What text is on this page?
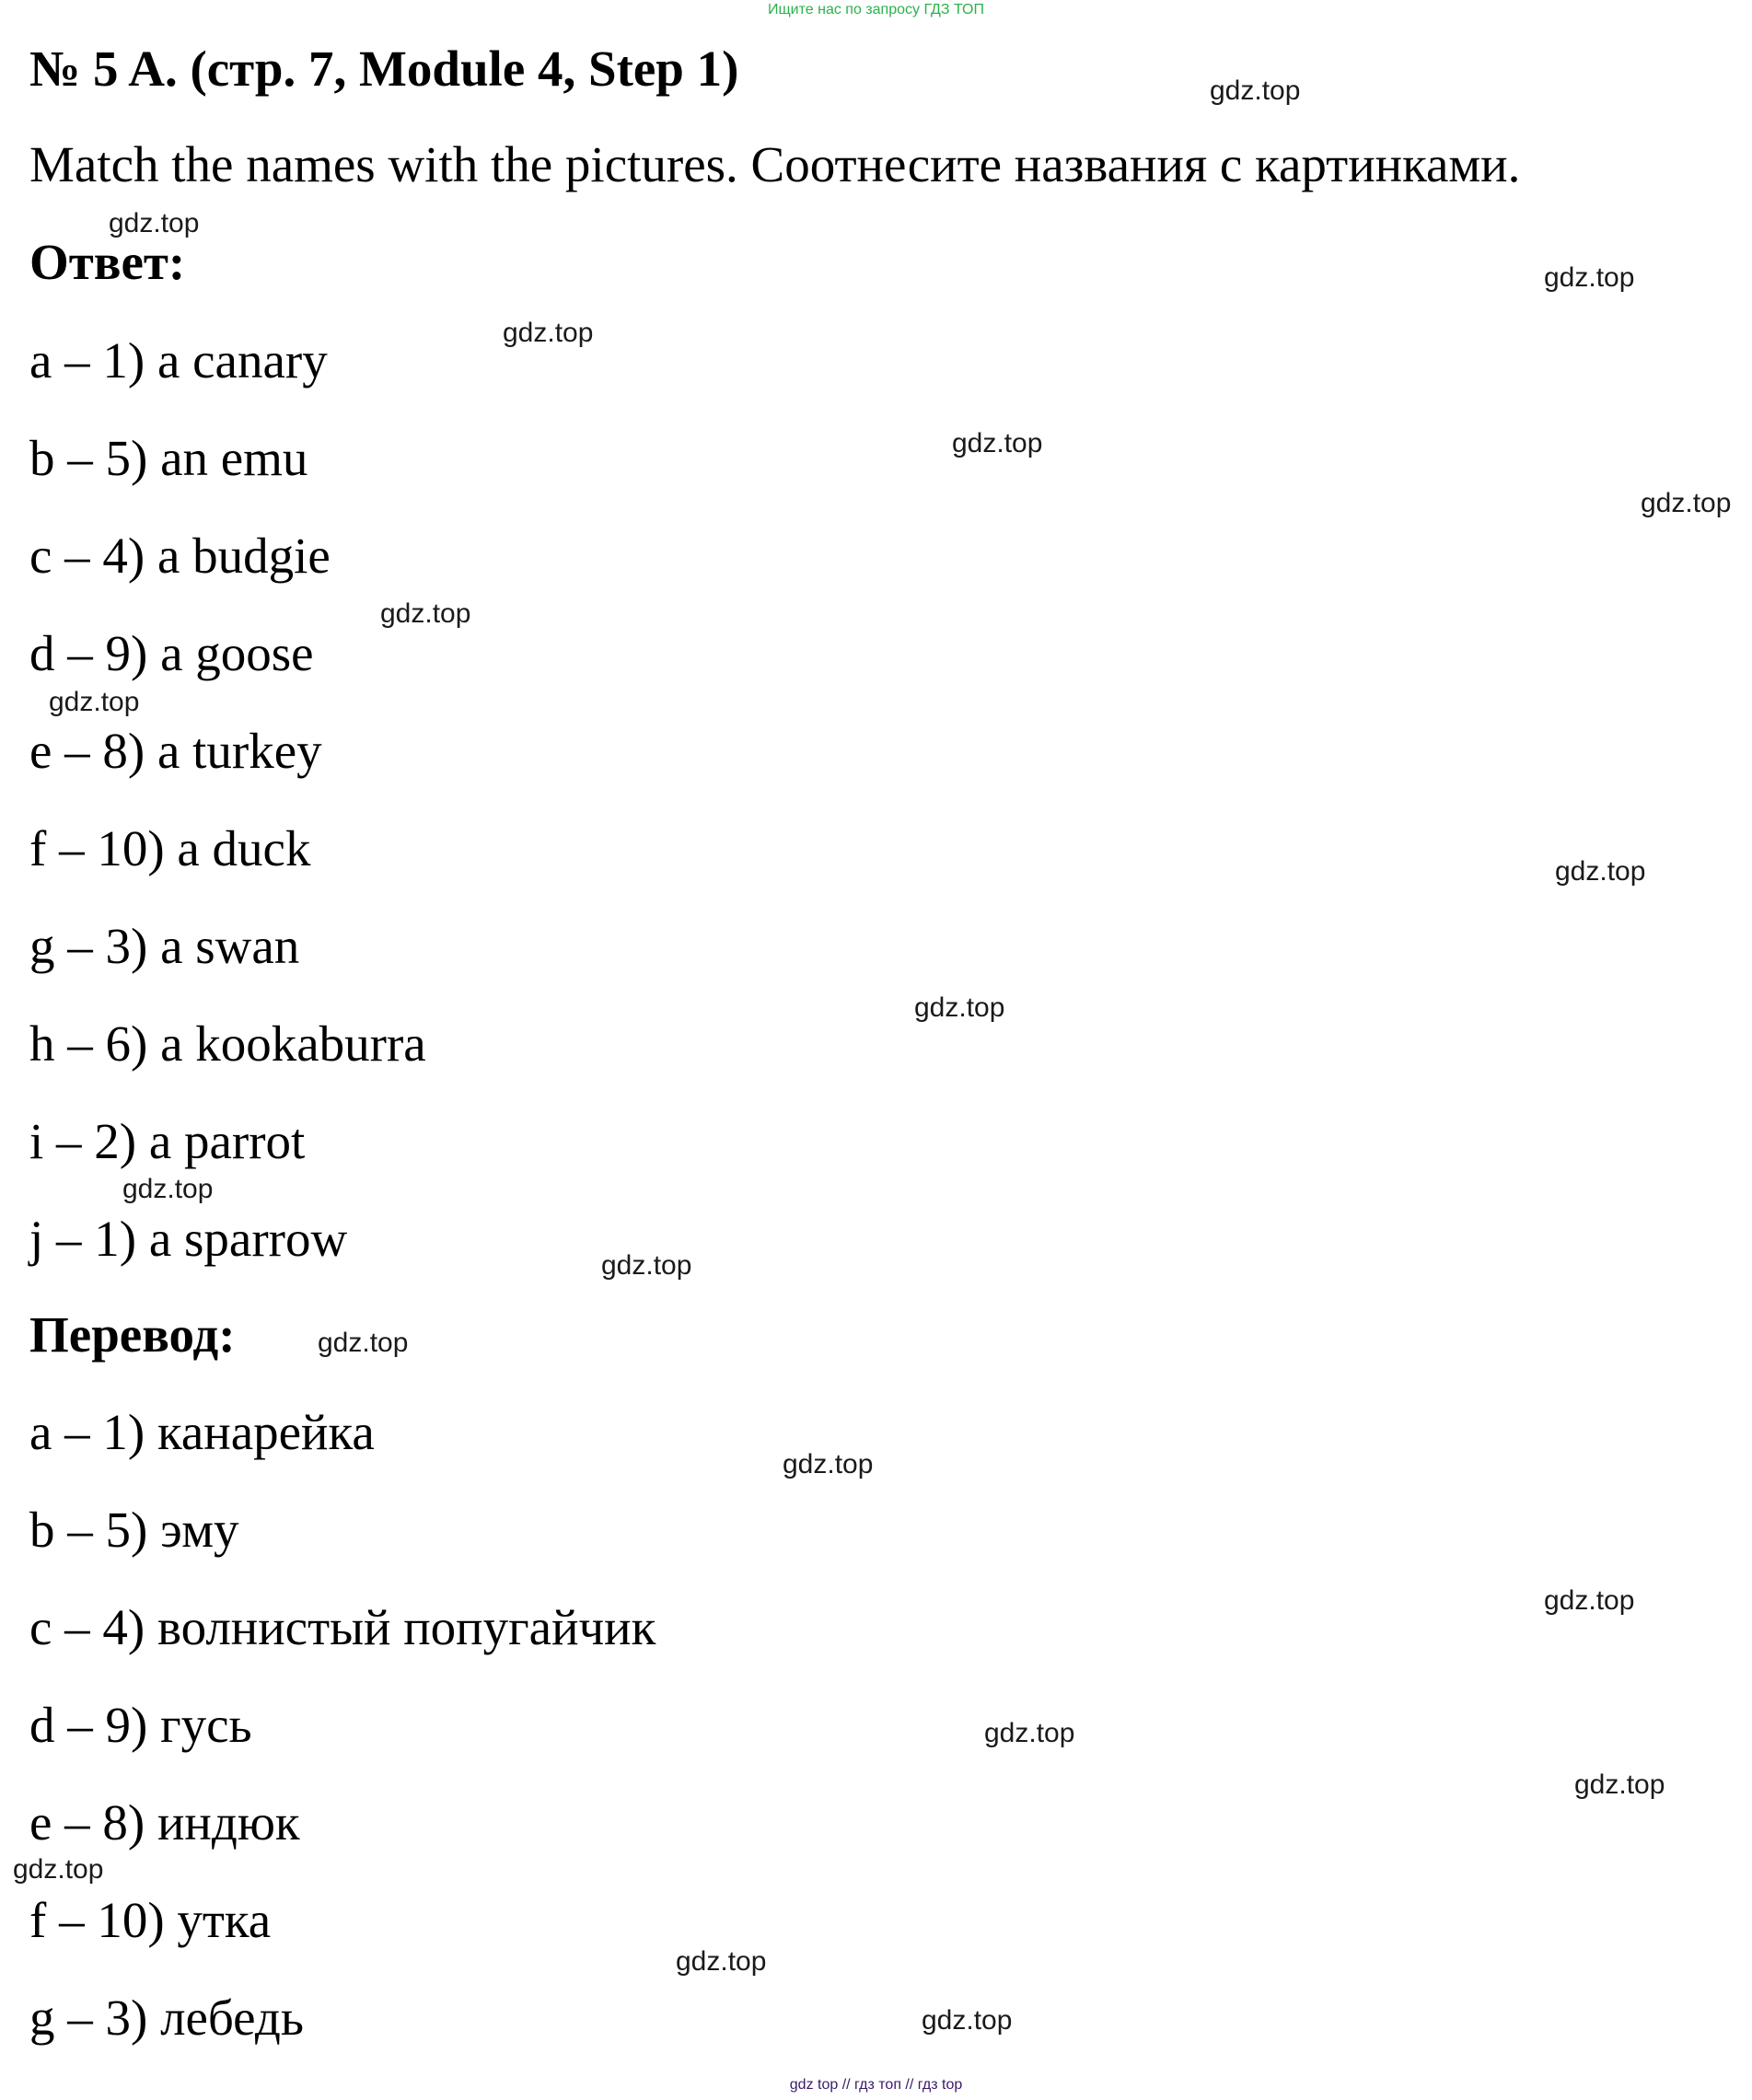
Ищите нас по запросу ГДЗ ТОП
№ 5 A. (стр. 7, Module 4, Step 1)

Match the names with the pictures. Соотнесите названия с картинками.

Ответ:
a – 1) a canary
b – 5) an emu
c – 4) a budgie
d – 9) a goose
e – 8) a turkey
f – 10) a duck
g – 3) a swan
h – 6) a kookaburra
i – 2) a parrot
j – 1) a sparrow
Перевод:
a – 1) канарейка
b – 5) эму
c – 4) волнистый попугайчик
d – 9) гусь
e – 8) индюк
f – 10) утка
g – 3) лебедь
gdz.top
gdz.top
gdz.top
gdz.top
gdz.top
gdz.top
gdz.top
gdz.top
gdz.top
gdz.top
gdz.top
gdz.top
gdz.top
gdz.top
gdz.top
gdz.top
gdz.top
gdz.top
gdz.top
gdz.top
gdz top // гдз топ // гдз top
